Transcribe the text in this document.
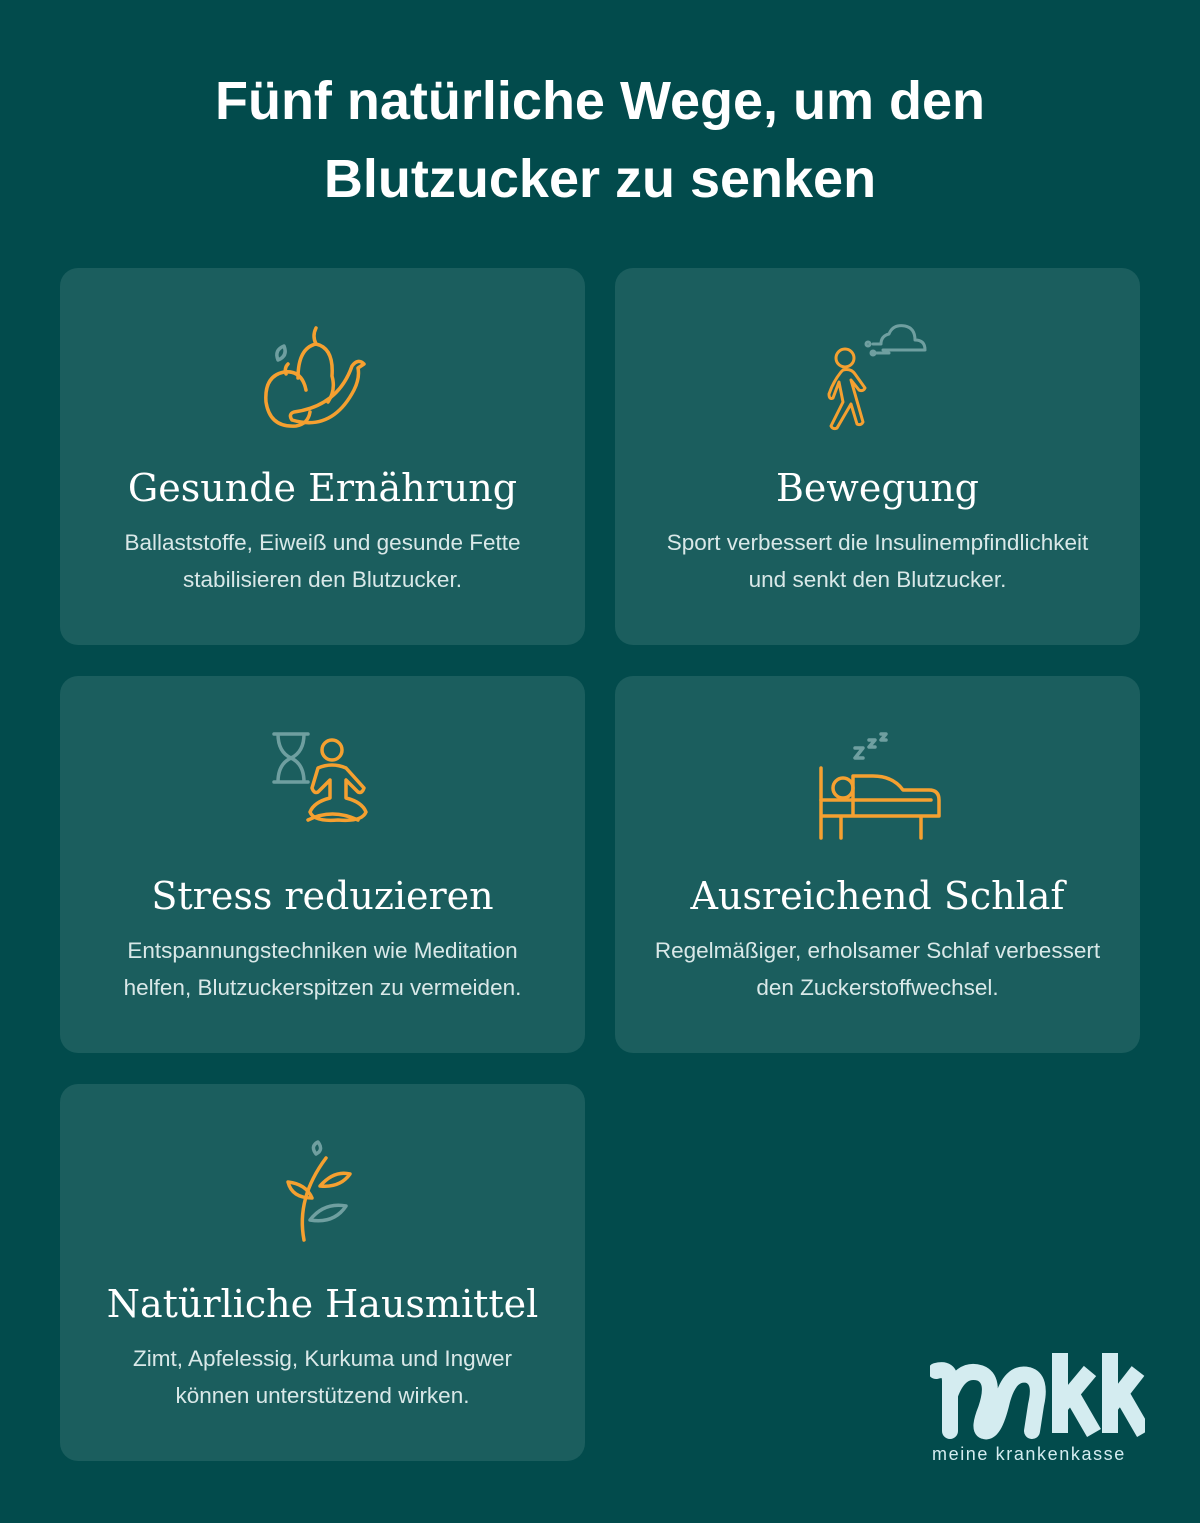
Fünf natürliche Wege, um den
Blutzucker zu senken
Gesunde Ernährung
Ballaststoffe, Eiweiß und gesunde Fette
stabilisieren den Blutzucker.
Bewegung
Sport verbessert die Insulinempfindlichkeit
und senkt den Blutzucker.
Stress reduzieren
Entspannungstechniken wie Meditation
helfen, Blutzuckerspitzen zu vermeiden.
Ausreichend Schlaf
Regelmäßiger, erholsamer Schlaf verbessert
den Zuckerstoffwechsel.
Natürliche Hausmittel
Zimt, Apfelessig, Kurkuma und Ingwer
können unterstützend wirken.
meine krankenkasse
